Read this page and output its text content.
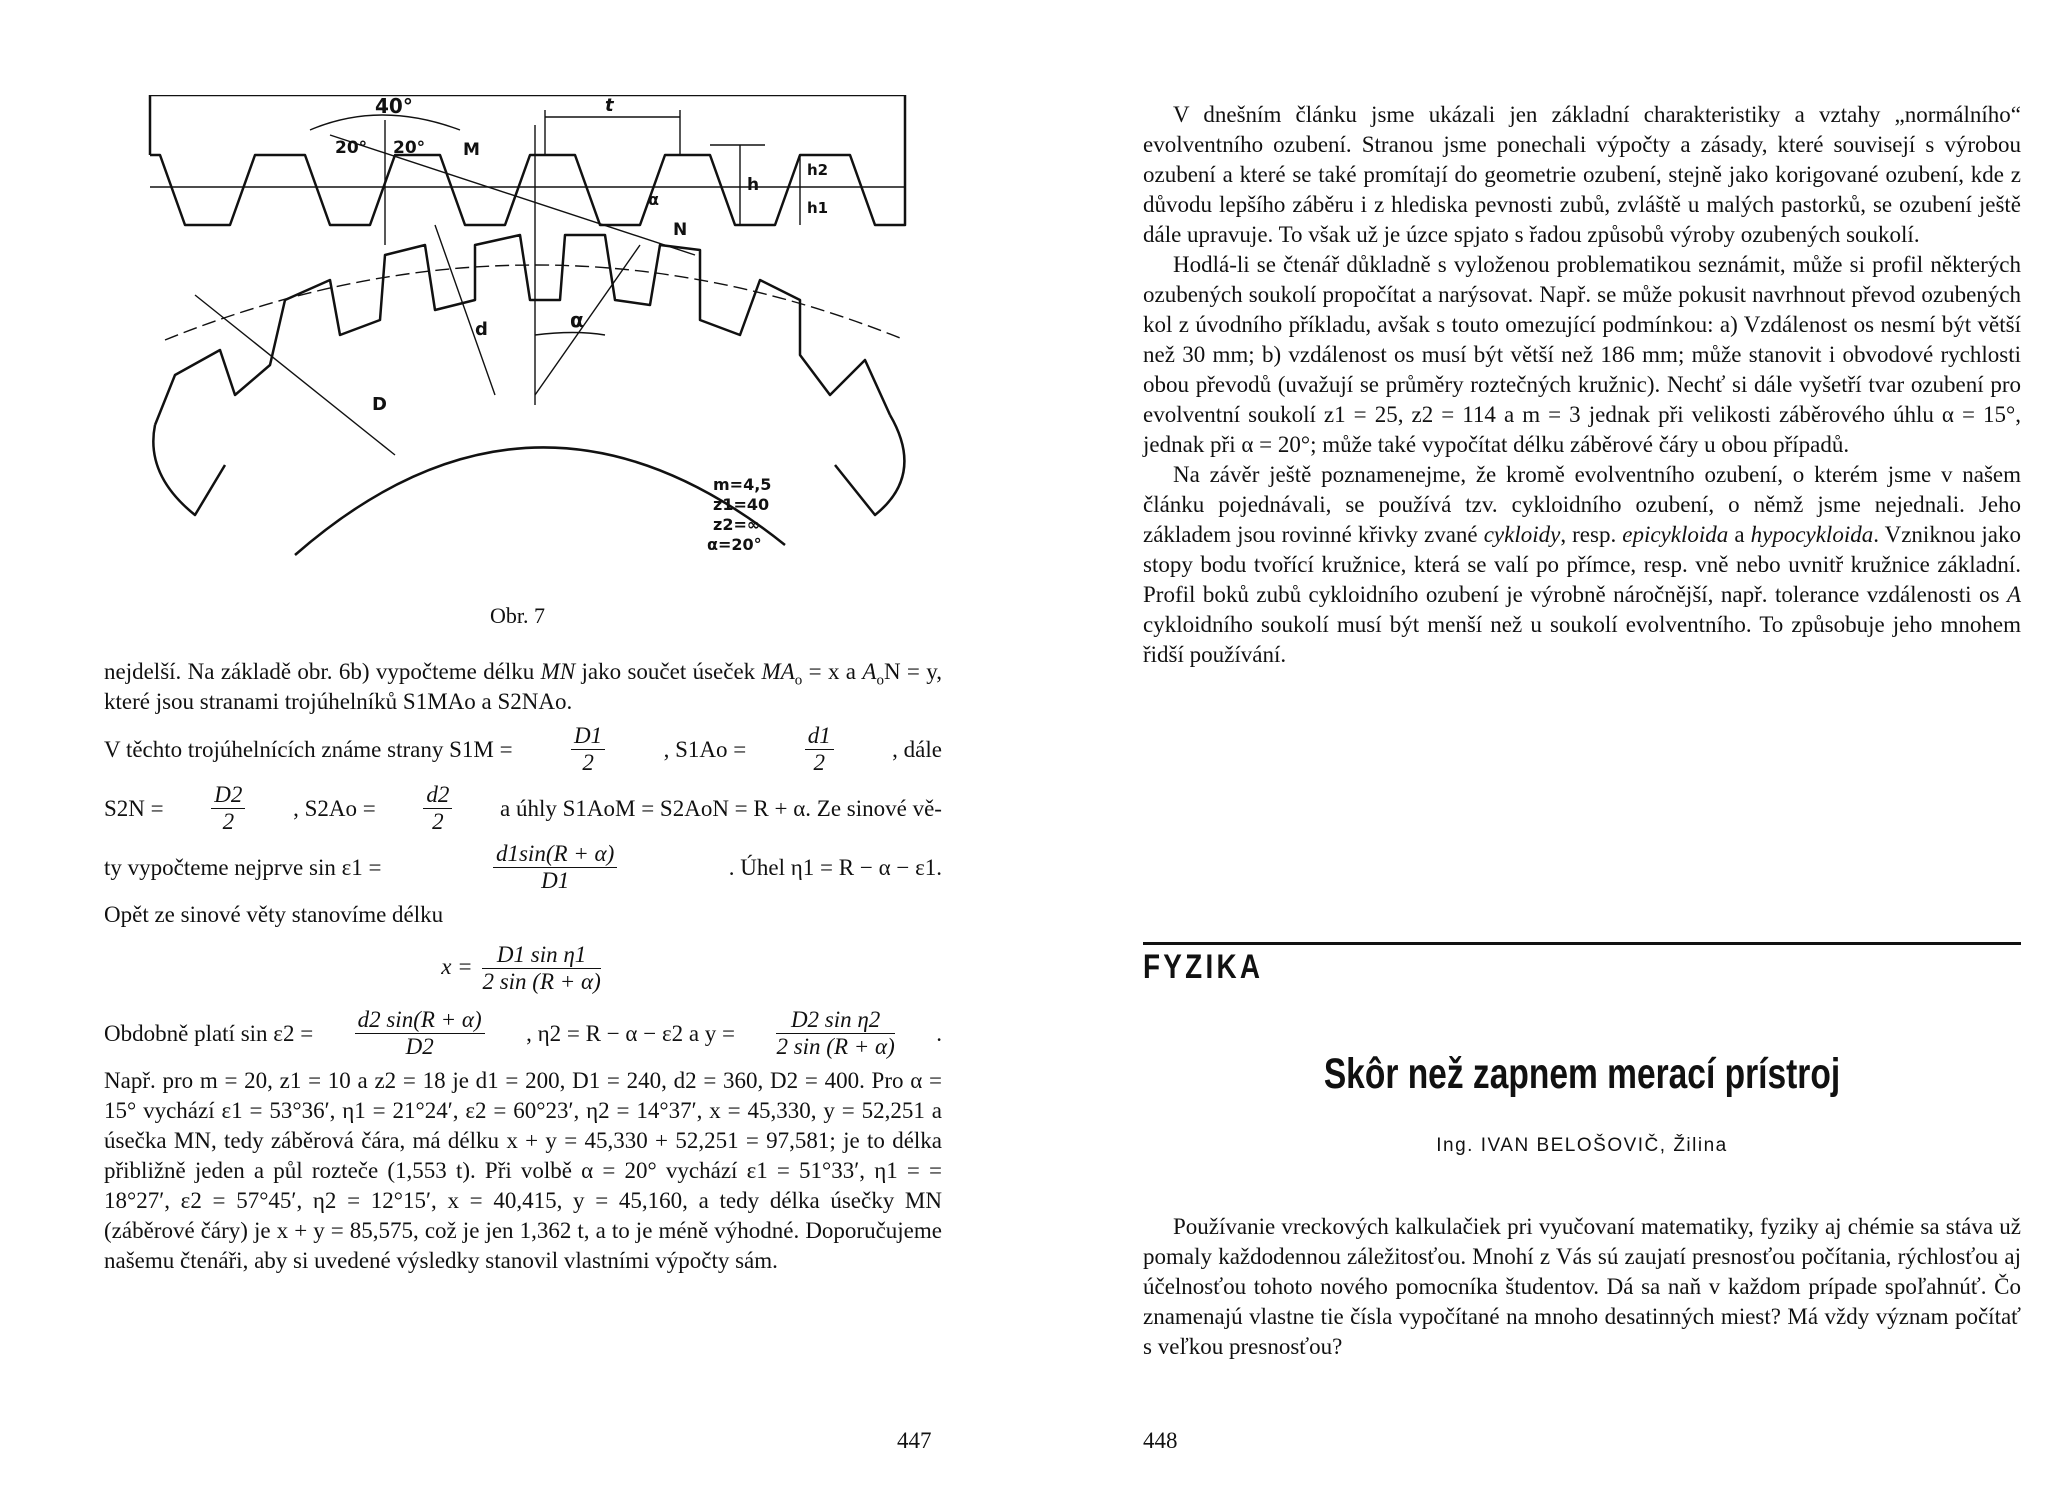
40°
20° 20° M
N
t
h
h2
h1
α
α
d
D
m=4,5
z1=40
z2=∞
α=20°
Obr. 7

nejdelší. Na základě obr. 6b) vypočteme délku MN jako součet úseček $MA_o = x$ a $A_oN = y$, které jsou stranami trojúhelníků S1MAo a S2NAo.

V těchto trojúhelnících známe strany S1M =	$\frac{D1}{2}$	, S1Ao =	$\frac{d1}{2}$	, dále
$S2N = \frac{D2}{2}$ , $S2Ao = \frac{d2}{2}$ a úhly S1AoM = S2AoN = R + α. Ze sinové vě-
ty vypočteme nejprve sin ε1 =	$\frac{d1\sin(R + \alpha)}{D1}$	. Úhel η1 = R − α − ε1.

Opět ze sinové věty stanovíme délku

$x = \frac{\text{D1 sin η1}}{2 \sin (R + \alpha)}$
Obdobně platí $\sin \varepsilon 2 = \frac{d2 \sin(R + \alpha)}{D2}$ , η2 = R − α − ε2 a $y = \frac{\text{D2 sin η2}}{2 \sin (R + \alpha)}$ .

Např. pro m = 20, z1 = 10 a z2 = 18 je d1 = 200, D1 = 240, d2 = 360, D2 = 400. Pro α = 15° vychází ε1 = 53°36′, η1 = 21°24′, ε2 = 60°23′, η2 = 14°37′, x = 45,330, y = 52,251 a úsečka MN, tedy záběrová čára, má délku x + y = 45,330 + 52,251 = 97,581; je to délka přibližně jeden a půl rozteče (1,553 t). Při volbě α = 20° vychází ε1 = 51°33′, η1 = = 18°27′, ε2 = 57°45′, η2 = 12°15′, x = 40,415, y = 45,160, a tedy délka úsečky MN (záběrové čáry) je x + y = 85,575, což je jen 1,362 t, a to je méně výhodné. Doporučujeme našemu čtenáři, aby si uvedené výsledky stanovil vlastními výpočty sám.

447

V dnešním článku jsme ukázali jen základní charakteristiky a vztahy „normálního“ evolventního ozubení. Stranou jsme ponechali výpočty a zásady, které souvisejí s výrobou ozubení a které se také promítají do geometrie ozubení, stejně jako korigované ozubení, kde z důvodu lepšího záběru i z hlediska pevnosti zubů, zvláště u malých pastorků, se ozubení ještě dále upravuje. To však už je úzce spjato s řadou způsobů výroby ozubených soukolí.

Hodlá-li se čtenář důkladně s vyloženou problematikou seznámit, může si profil některých ozubených soukolí propočítat a narýsovat. Např. se může pokusit navrhnout převod ozubených kol z úvodního příkladu, avšak s touto omezující podmínkou: a) Vzdálenost os nesmí být větší než 30 mm; b) vzdálenost os musí být větší než 186 mm; může stanovit i obvodové rychlosti obou převodů (uvažují se průměry roztečných kružnic). Nechť si dále vyšetří tvar ozubení pro evolventní soukolí z1 = 25, z2 = 114 a m = 3 jednak při velikosti záběrového úhlu α = 15°, jednak při α = 20°; může také vypočítat délku záběrové čáry u obou případů.

Na závěr ještě poznamenejme, že kromě evolventního ozubení, o kterém jsme v našem článku pojednávali, se používá tzv. cykloidního ozubení, o němž jsme nejednali. Jeho základem jsou rovinné křivky zvané cykloidy, resp. epicykloida a hypocykloida. Vzniknou jako stopy bodu tvořící kružnice, která se valí po přímce, resp. vně nebo uvnitř kružnice základní. Profil boků zubů cykloidního ozubení je výrobně náročnější, např. tolerance vzdálenosti os A cykloidního soukolí musí být menší než u soukolí evolventního. To způsobuje jeho mnohem řidší používání.

FYZIKA
Skôr než zapnem merací prístroj
Ing. IVAN BELOŠOVIČ, Žilina

Používanie vreckových kalkulačiek pri vyučovaní matematiky, fyziky aj chémie sa stáva už pomaly každodennou záležitosťou. Mnohí z Vás sú zaujatí presnosťou počítania, rýchlosťou aj účelnosťou tohoto nového pomocníka študentov. Dá sa naň v každom prípade spoľahnúť. Čo znamenajú vlastne tie čísla vypočítané na mnoho desatinných miest? Má vždy význam počítať s veľkou presnosťou?

448
